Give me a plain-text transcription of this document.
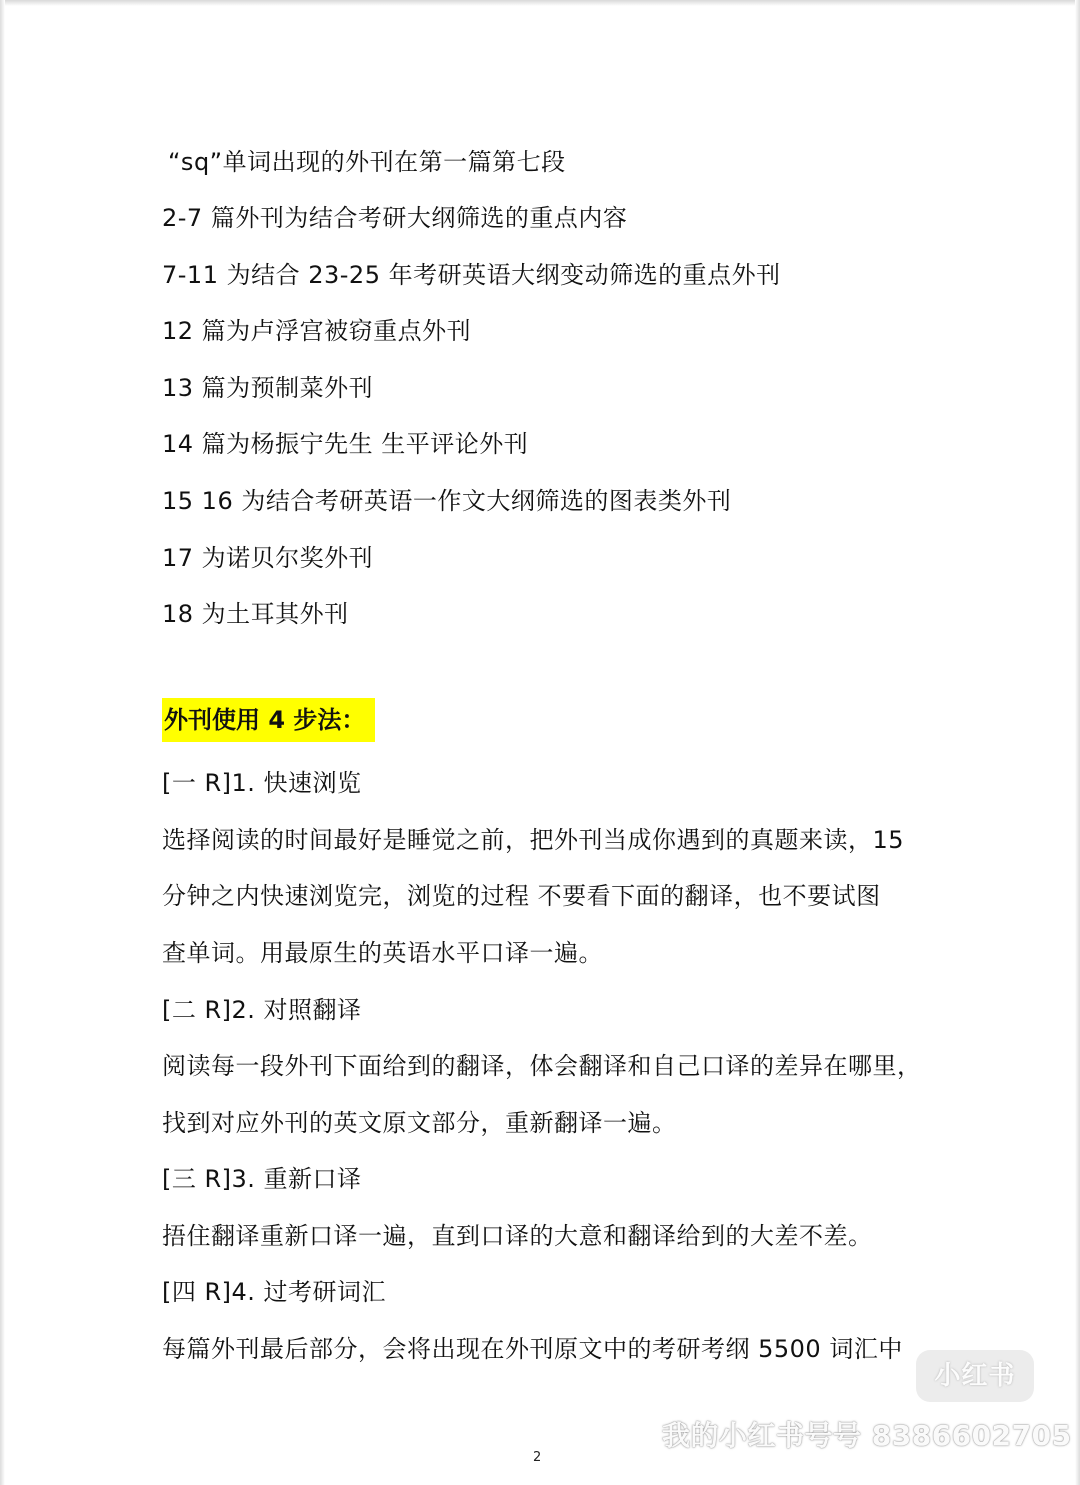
“sq”单词出现的外刊在第一篇第七段
2-7 篇外刊为结合考研大纲筛选的重点内容
7-11 为结合 23-25 年考研英语大纲变动筛选的重点外刊
12 篇为卢浮宫被窃重点外刊
13 篇为预制菜外刊
14 篇为杨振宁先生 生平评论外刊
15 16 为结合考研英语一作文大纲筛选的图表类外刊
17 为诺贝尔奖外刊
18 为土耳其外刊
外刊使用 4 步法：
[一 R]1. 快速浏览
选择阅读的时间最好是睡觉之前，把外刊当成你遇到的真题来读，15
分钟之内快速浏览完，浏览的过程 不要看下面的翻译，也不要试图
查单词。用最原生的英语水平口译一遍。
[二 R]2. 对照翻译
阅读每一段外刊下面给到的翻译，体会翻译和自己口译的差异在哪里，
找到对应外刊的英文原文部分，重新翻译一遍。
[三 R]3. 重新口译
捂住翻译重新口译一遍，直到口译的大意和翻译给到的大差不差。
[四 R]4. 过考研词汇
每篇外刊最后部分，会将出现在外刊原文中的考研考纲 5500 词汇中
2
小红书
我的小红书号号 8386602705
